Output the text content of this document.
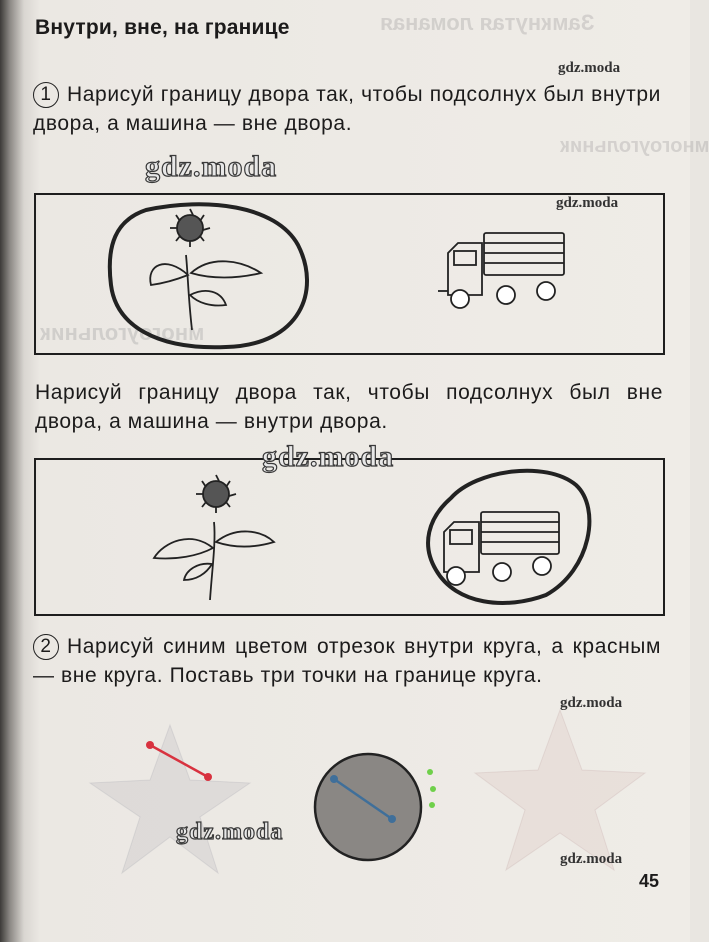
Замкнутая ломаная
многоугольник
многоугольник
Внутри, вне, на границе

1 Нарисуй границу двора так, чтобы подсолнух был внутри двора, а машина — вне двора.

Нарисуй границу двора так, чтобы подсолнух был вне двора, а машина — внутри двора.

2 Нарисуй синим цветом отрезок внутри круга, а красным — вне круга. Поставь три точки на границе круга.

gdz.moda
gdz.moda
gdz.moda
gdz.moda
gdz.moda
gdz.moda
gdz.moda
45
